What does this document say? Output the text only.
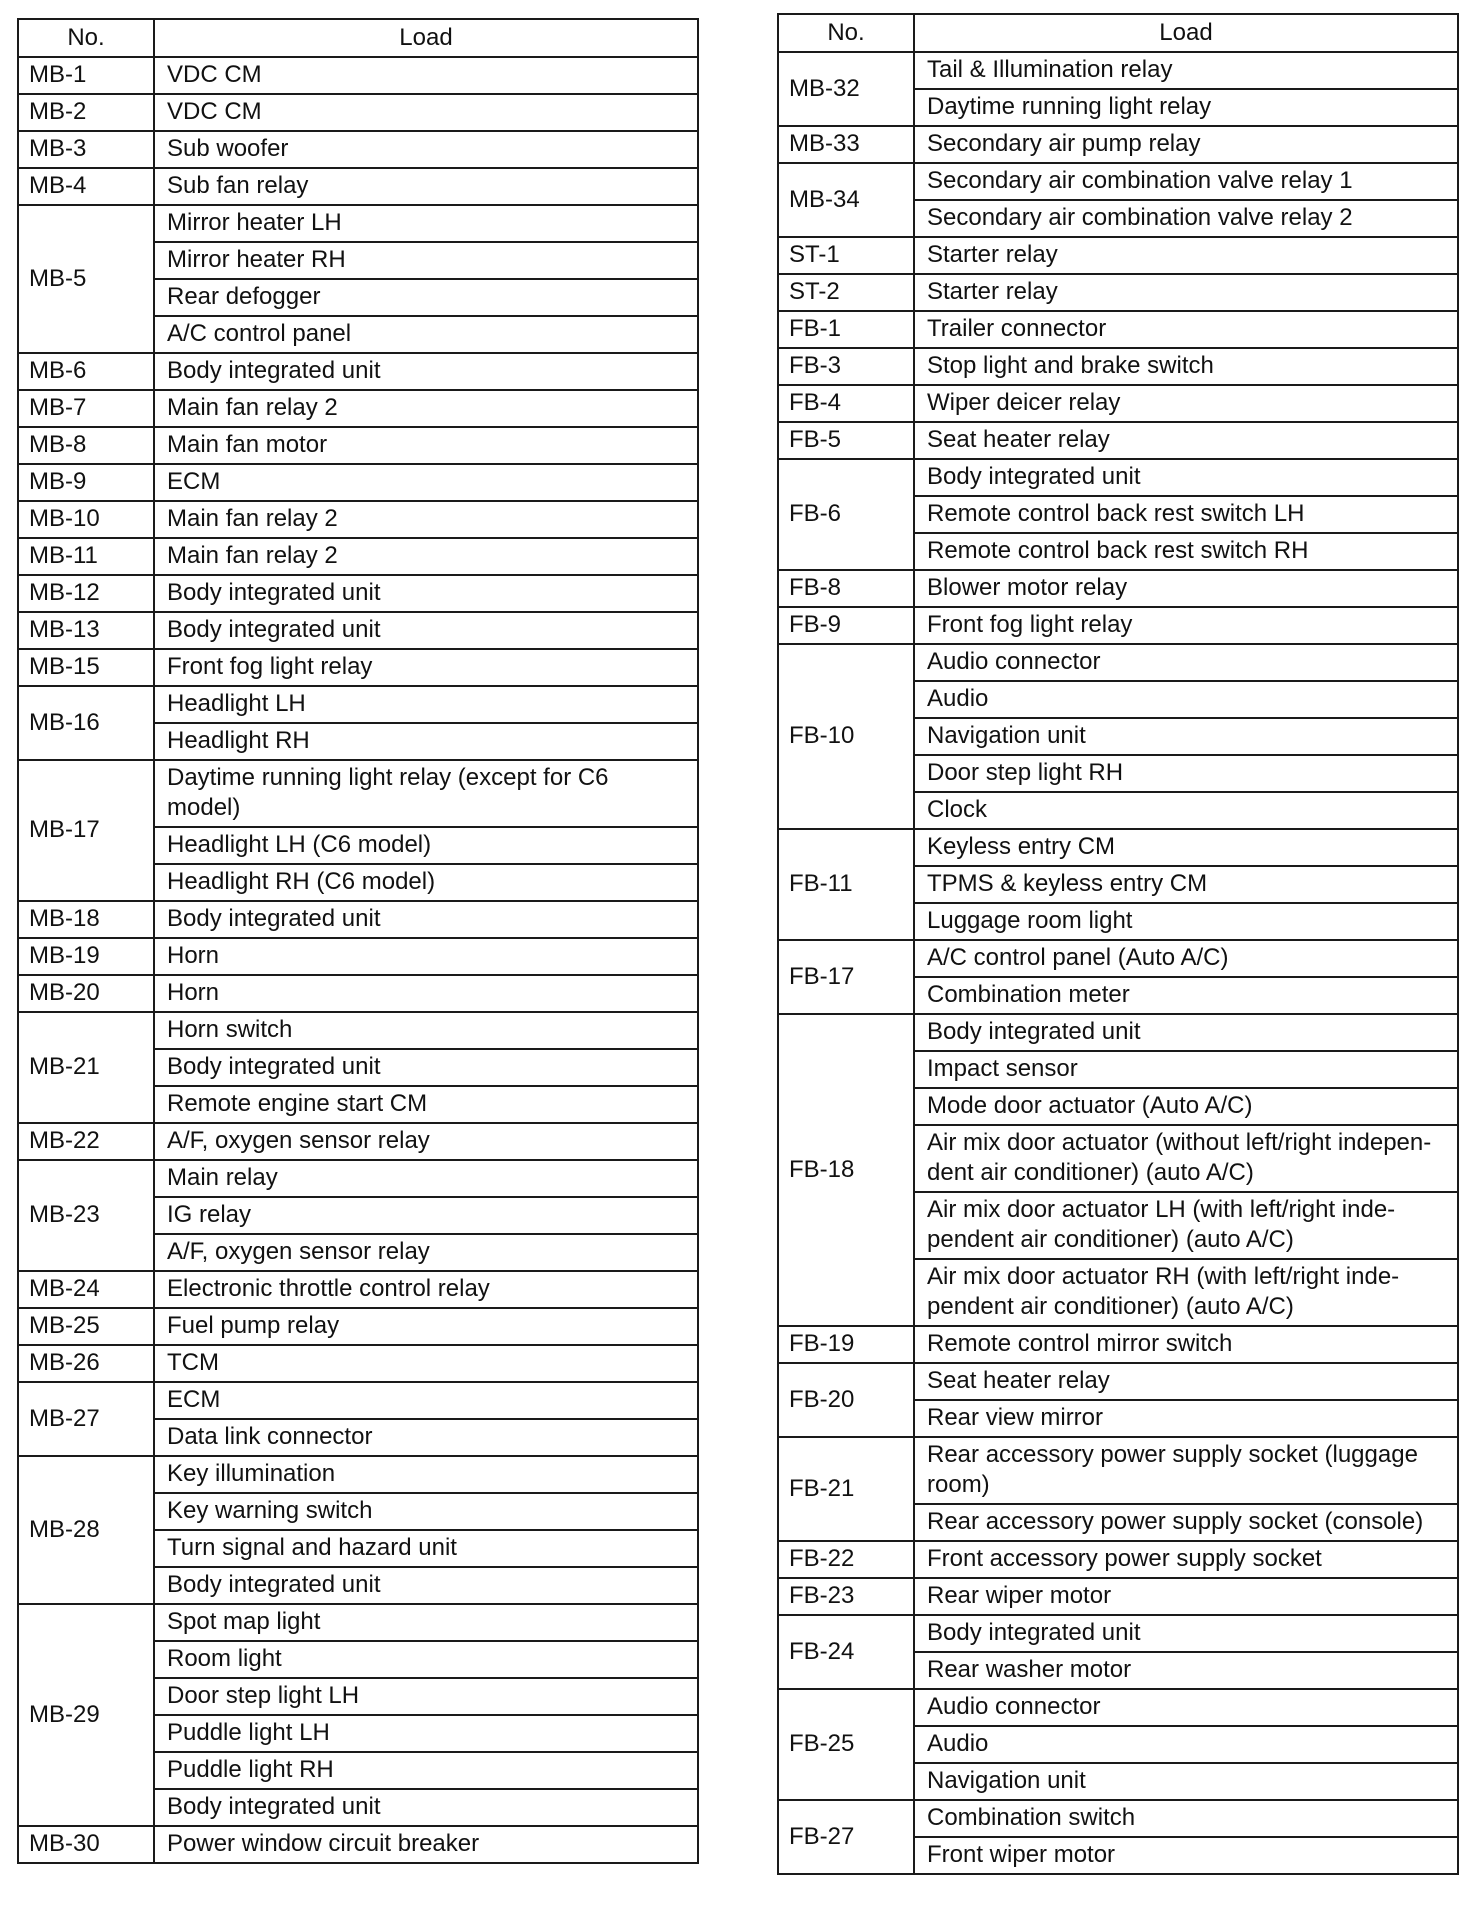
No.	Load
MB-1	VDC CM
MB-2	VDC CM
MB-3	Sub woofer
MB-4	Sub fan relay
MB-5	Mirror heater LH
	Mirror heater RH
	Rear defogger
	A/C control panel
MB-6	Body integrated unit
MB-7	Main fan relay 2
MB-8	Main fan motor
MB-9	ECM
MB-10	Main fan relay 2
MB-11	Main fan relay 2
MB-12	Body integrated unit
MB-13	Body integrated unit
MB-15	Front fog light relay
MB-16	Headlight LH
	Headlight RH
MB-17	Daytime running light relay (except for C6 model)
	Headlight LH (C6 model)
	Headlight RH (C6 model)
MB-18	Body integrated unit
MB-19	Horn
MB-20	Horn
MB-21	Horn switch
	Body integrated unit
	Remote engine start CM
MB-22	A/F, oxygen sensor relay
MB-23	Main relay
	IG relay
	A/F, oxygen sensor relay
MB-24	Electronic throttle control relay
MB-25	Fuel pump relay
MB-26	TCM
MB-27	ECM
	Data link connector
MB-28	Key illumination
	Key warning switch
	Turn signal and hazard unit
	Body integrated unit
MB-29	Spot map light
	Room light
	Door step light LH
	Puddle light LH
	Puddle light RH
	Body integrated unit
MB-30	Power window circuit breaker
No.	Load
MB-32	Tail & Illumination relay
	Daytime running light relay
MB-33	Secondary air pump relay
MB-34	Secondary air combination valve relay 1
	Secondary air combination valve relay 2
ST-1	Starter relay
ST-2	Starter relay
FB-1	Trailer connector
FB-3	Stop light and brake switch
FB-4	Wiper deicer relay
FB-5	Seat heater relay
FB-6	Body integrated unit
	Remote control back rest switch LH
	Remote control back rest switch RH
FB-8	Blower motor relay
FB-9	Front fog light relay
FB-10	Audio connector
	Audio
	Navigation unit
	Door step light RH
	Clock
FB-11	Keyless entry CM
	TPMS & keyless entry CM
	Luggage room light
FB-17	A/C control panel (Auto A/C)
	Combination meter
FB-18	Body integrated unit
	Impact sensor
	Mode door actuator (Auto A/C)
	Air mix door actuator (without left/right indepen-dent air conditioner) (auto A/C)
	Air mix door actuator LH (with left/right inde-pendent air conditioner) (auto A/C)
	Air mix door actuator RH (with left/right inde-pendent air conditioner) (auto A/C)
FB-19	Remote control mirror switch
FB-20	Seat heater relay
	Rear view mirror
FB-21	Rear accessory power supply socket (luggage room)
	Rear accessory power supply socket (console)
FB-22	Front accessory power supply socket
FB-23	Rear wiper motor
FB-24	Body integrated unit
	Rear washer motor
FB-25	Audio connector
	Audio
	Navigation unit
FB-27	Combination switch
	Front wiper motor
